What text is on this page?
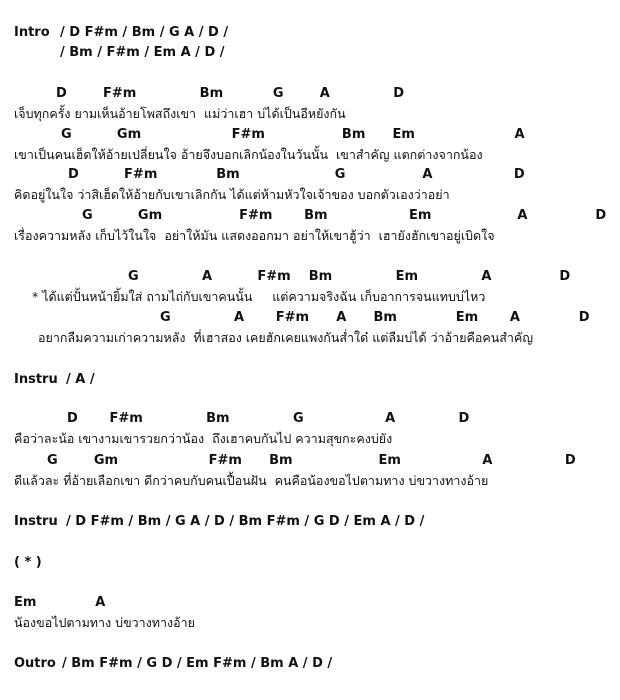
Intro / D F#m / Bm / G A / D /
/ Bm / F#m / Em A / D /
D        F#m              Bm           G        A              D
เจ็บทุกครั้ง ยามเห็นอ้ายโพสถึงเขา  แม่ว่าเฮา บ่ได้เป็นอีหยังกัน
G          Gm                    F#m                 Bm      Em                      A
เขาเป็นคนเฮ็ดให้อ้ายเปลี่ยนใจ อ้ายจึงบอกเลิกน้องในวันนั้น  เขาสำคัญ แตกต่างจากน้อง
D          F#m             Bm                     G                 A                  D
คิดอยู่ในใจ ว่าสิเฮ็ดให้อ้ายกับเขาเลิกกัน ได้แต่ห้ามหัวใจเจ้าของ บอกตัวเองว่าอย่า
G          Gm                 F#m       Bm                  Em                   A               D
เรื่องความหลัง เก็บไว้ในใจ  อย่าให้มัน แสดงออกมา อย่าให้เขาฮู้ว่า  เฮายังฮักเขาอยู่เบิดใจ
G              A          F#m    Bm              Em              A               D
* ได้แต่ปั้นหน้ายิ้มใส่ ถามไถ่กับเขาคนนั้น     แต่ความจริงฉัน เก็บอาการจนแทบบ่ไหว
G              A       F#m      A      Bm             Em       A             D
อยากลืมความเก่าความหลัง  ที่เฮาสอง เคยฮักเคยแพงกันส่ำใด๋ แต่ลืมบ่ได้ ว่าอ้ายคือคนสำคัญ
Instru / A /
D       F#m              Bm              G                  A              D
คือว่าละน้อ เขางามเขารวยกว่าน้อง  ถึงเฮาคบกันไป ความสุขกะคงบ่ยัง
G        Gm                    F#m      Bm                   Em                  A                D
ดีแล้วละ ที่อ้ายเลือกเขา ดีกว่าคบกับคนเปื้อนฝัน  คนคือน้องขอไปตามทาง บ่ขวางทางอ้าย
Instru / D F#m / Bm / G A / D / Bm F#m / G D / Em A / D /
( * )
Em             A
น้องขอไปตามทาง บ่ขวางทางอ้าย
Outro / Bm F#m / G D / Em F#m / Bm A / D /
